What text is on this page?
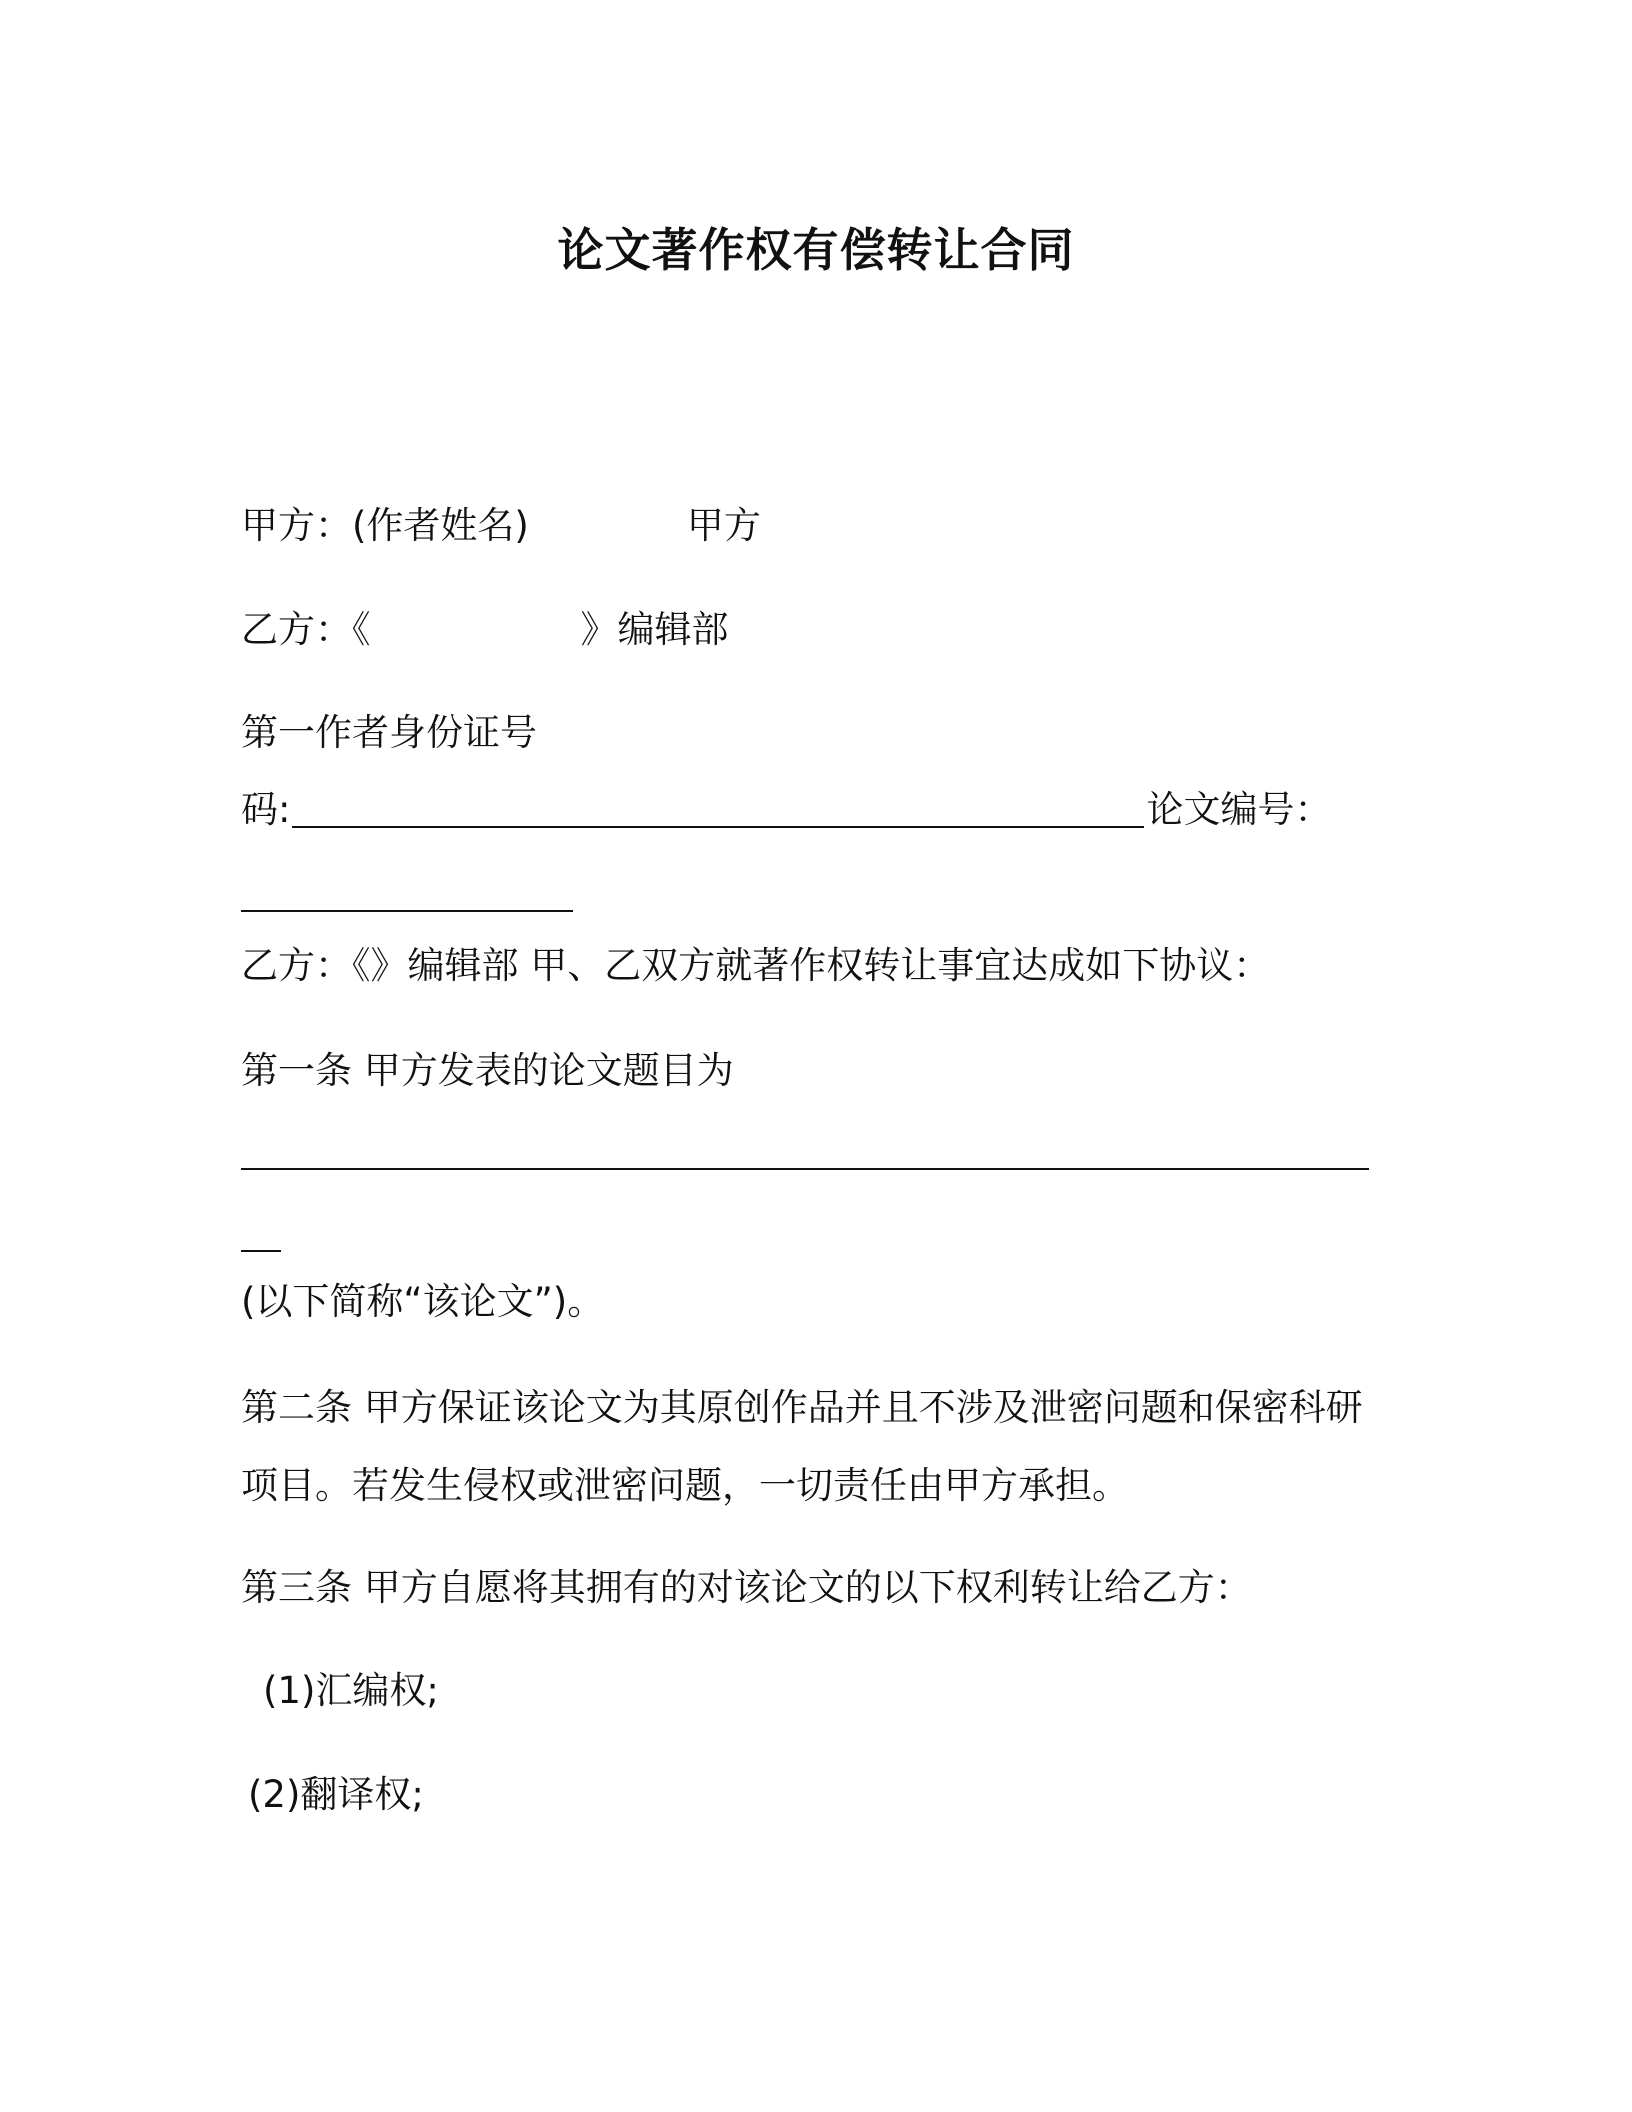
论文著作权有偿转让合同
甲方：(作者姓名)	甲方
乙方：《	》编辑部
第一作者身份证号
码:	论文编号：
乙方：《》编辑部 甲、乙双方就著作权转让事宜达成如下协议：
第一条 甲方发表的论文题目为
(以下简称“该论文”)。
第二条 甲方保证该论文为其原创作品并且不涉及泄密问题和保密科研
项目。若发生侵权或泄密问题，一切责任由甲方承担。
第三条 甲方自愿将其拥有的对该论文的以下权利转让给乙方：
(1)汇编权;
(2)翻译权;
